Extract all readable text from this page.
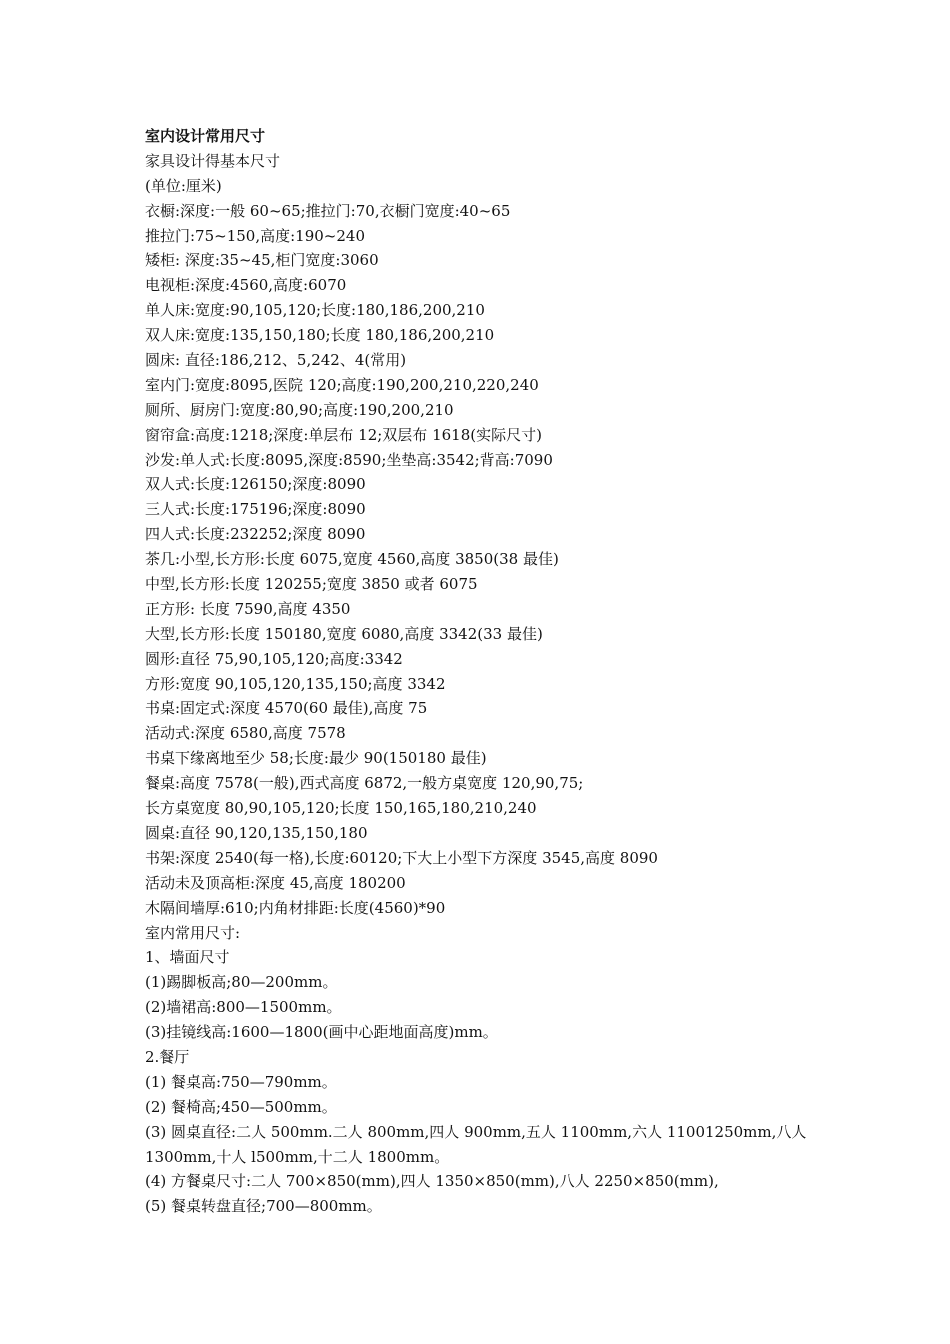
室内设计常用尺寸
家具设计得基本尺寸
(单位:厘米)
衣橱:深度:一般 60~65;推拉门:70,衣橱门宽度:40~65
推拉门:75~150,高度:190~240
矮柜: 深度:35~45,柜门宽度:3060
电视柜:深度:4560,高度:6070
单人床:宽度:90,105,120;长度:180,186,200,210
双人床:宽度:135,150,180;长度 180,186,200,210
圆床: 直径:186,212、5,242、4(常用)
室内门:宽度:8095,医院 120;高度:190,200,210,220,240
厕所、厨房门:宽度:80,90;高度:190,200,210
窗帘盒:高度:1218;深度:单层布 12;双层布 1618(实际尺寸)
沙发:单人式:长度:8095,深度:8590;坐垫高:3542;背高:7090
双人式:长度:126150;深度:8090
三人式:长度:175196;深度:8090
四人式:长度:232252;深度 8090
茶几:小型,长方形:长度 6075,宽度 4560,高度 3850(38 最佳)
中型,长方形:长度 120255;宽度 3850 或者 6075
正方形: 长度 7590,高度 4350
大型,长方形:长度 150180,宽度 6080,高度 3342(33 最佳)
圆形:直径 75,90,105,120;高度:3342
方形:宽度 90,105,120,135,150;高度 3342
书桌:固定式:深度 4570(60 最佳),高度 75
活动式:深度 6580,高度 7578
书桌下缘离地至少 58;长度:最少 90(150180 最佳)
餐桌:高度 7578(一般),西式高度 6872,一般方桌宽度 120,90,75;
长方桌宽度 80,90,105,120;长度 150,165,180,210,240
圆桌:直径 90,120,135,150,180
书架:深度 2540(每一格),长度:60120;下大上小型下方深度 3545,高度 8090
活动未及顶高柜:深度 45,高度 180200
木隔间墙厚:610;内角材排距:长度(4560)*90
室内常用尺寸:
1、墙面尺寸
(1)踢脚板高;80—200mm。
(2)墙裙高:800—1500mm。
(3)挂镜线高:1600—1800(画中心距地面高度)mm。
2.餐厅
(1) 餐桌高:750—790mm。
(2) 餐椅高;450—500mm。
(3) 圆桌直径:二人 500mm.二人 800mm,四人 900mm,五人 1100mm,六人 11001250mm,八人 1300mm,十人 l500mm,十二人 1800mm。
(4) 方餐桌尺寸:二人 700×850(mm),四人 1350×850(mm),八人 2250×850(mm),
(5) 餐桌转盘直径;700—800mm。
